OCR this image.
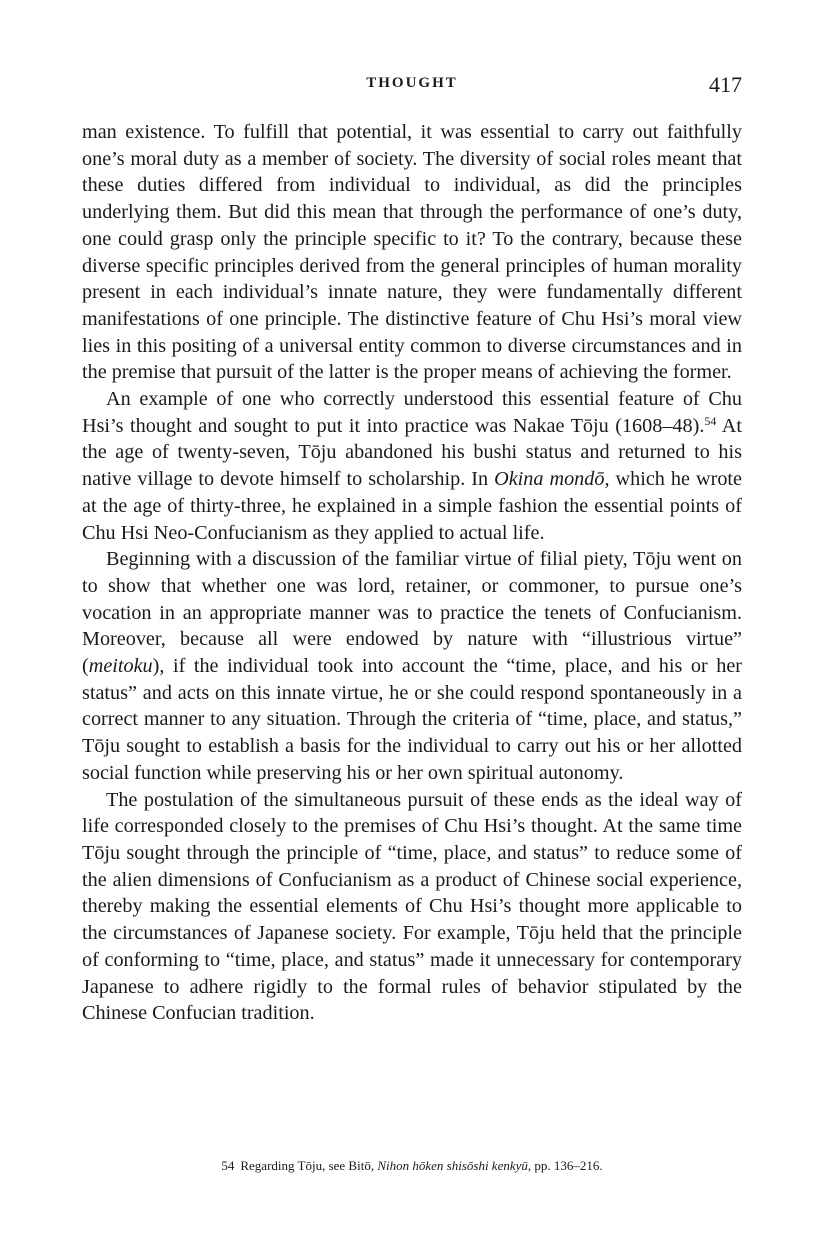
THOUGHT	417

man existence. To fulfill that potential, it was essential to carry out faithfully one’s moral duty as a member of society. The diversity of social roles meant that these duties differed from individual to individual, as did the principles underlying them. But did this mean that through the performance of one’s duty, one could grasp only the principle specific to it? To the contrary, because these diverse specific principles derived from the general principles of human morality present in each individual’s innate nature, they were fundamentally different manifestations of one principle. The distinctive feature of Chu Hsi’s moral view lies in this positing of a universal entity common to diverse circumstances and in the premise that pursuit of the latter is the proper means of achieving the former.

An example of one who correctly understood this essential feature of Chu Hsi’s thought and sought to put it into practice was Nakae Tōju (1608–48).$^{54}$ At the age of twenty-seven, Tōju abandoned his bushi status and returned to his native village to devote himself to scholarship. In Okina mondō, which he wrote at the age of thirty-three, he explained in a simple fashion the essential points of Chu Hsi Neo-Confucianism as they applied to actual life.

Beginning with a discussion of the familiar virtue of filial piety, Tōju went on to show that whether one was lord, retainer, or commoner, to pursue one’s vocation in an appropriate manner was to practice the tenets of Confucianism. Moreover, because all were endowed by nature with “illustrious virtue” (meitoku), if the individual took into account the “time, place, and his or her status” and acts on this innate virtue, he or she could respond spontaneously in a correct manner to any situation. Through the criteria of “time, place, and status,” Tōju sought to establish a basis for the individual to carry out his or her allotted social function while preserving his or her own spiritual autonomy.

The postulation of the simultaneous pursuit of these ends as the ideal way of life corresponded closely to the premises of Chu Hsi’s thought. At the same time Tōju sought through the principle of “time, place, and status” to reduce some of the alien dimensions of Confucianism as a product of Chinese social experience, thereby making the essential elements of Chu Hsi’s thought more applicable to the circumstances of Japanese society. For example, Tōju held that the principle of conforming to “time, place, and status” made it unnecessary for contemporary Japanese to adhere rigidly to the formal rules of behavior stipulated by the Chinese Confucian tradition.

54 Regarding Tōju, see Bitō, Nihon hōken shisōshi kenkyū, pp. 136–216.
